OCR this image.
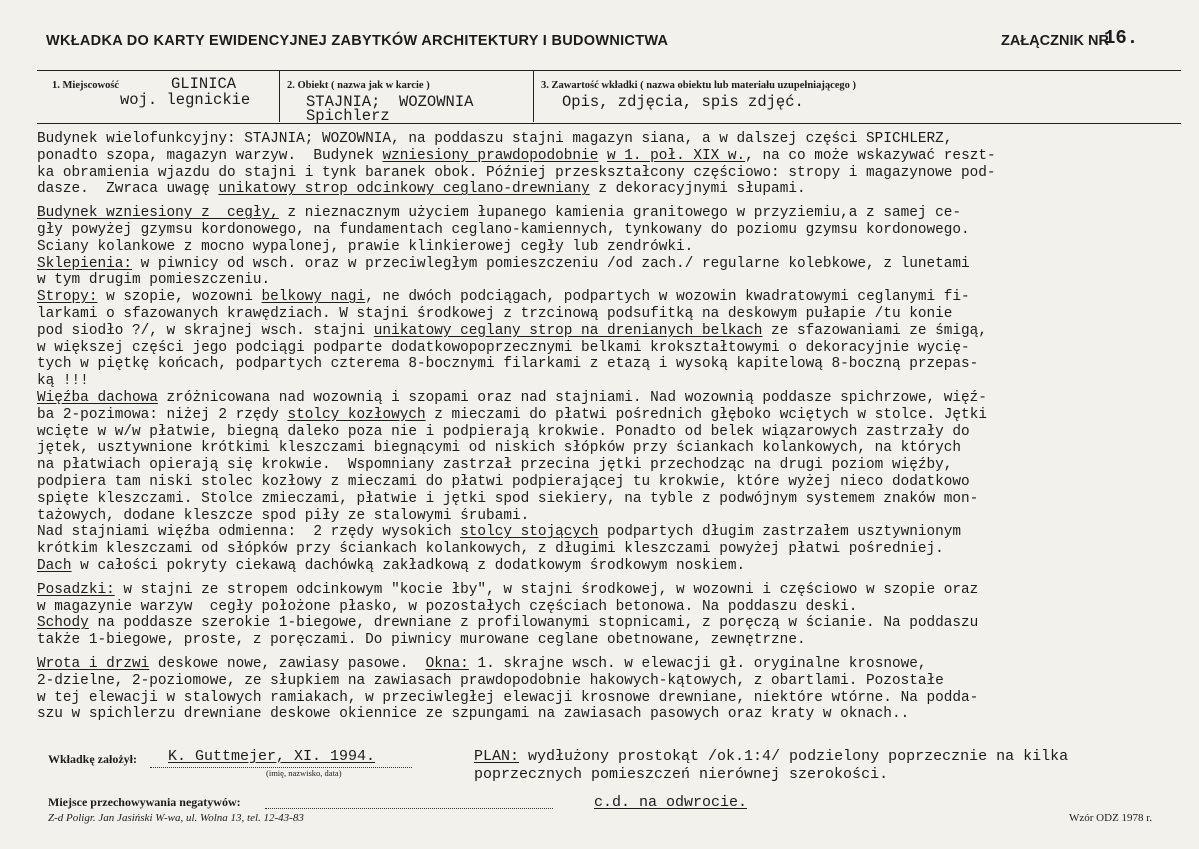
WKŁADKA DO KARTY EWIDENCYJNEJ ZABYTKÓW ARCHITEKTURY I BUDOWNICTWA	ZAŁĄCZNIK NR
16.
1. Miejscowość	GLINICA
woj. legnickie
2. Obiekt ( nazwa jak w karcie )
STAJNIA;  WOZOWNIA
Spichlerz
3. Zawartość wkładki ( nazwa obiektu lub materiału uzupełniającego )
Opis, zdjęcia, spis zdjęć.
Budynek wielofunkcyjny: STAJNIA; WOZOWNIA, na poddaszu stajni magazyn siana, a w dalszej części SPICHLERZ,
ponadto szopa, magazyn warzyw.  Budynek wzniesiony prawdopodobnie w 1. poł. XIX w., na co może wskazywać reszt-
ka obramienia wjazdu do stajni i tynk baranek obok. Później przeskształcony częściowo: stropy i magazynowe pod-
dasze.  Zwraca uwagę unikatowy strop odcinkowy ceglano-drewniany z dekoracyjnymi słupami.
Budynek wzniesiony z  cegły, z nieznacznym użyciem łupanego kamienia granitowego w przyziemiu,a z samej ce-
gły powyżej gzymsu kordonowego, na fundamentach ceglano-kamiennych, tynkowany do poziomu gzymsu kordonowego.
Ściany kolankowe z mocno wypalonej, prawie klinkierowej cegły lub zendrówki.
Sklepienia: w piwnicy od wsch. oraz w przeciwległym pomieszczeniu /od zach./ regularne kolebkowe, z lunetami
w tym drugim pomieszczeniu.
Stropy: w szopie, wozowni belkowy nagi, ne dwóch podciągach, podpartych w wozowin kwadratowymi ceglanymi fi-
larkami o sfazowanych krawędziach. W stajni środkowej z trzcinową podsufitką na deskowym pułapie /tu konie
pod siodło ?/, w skrajnej wsch. stajni unikatowy ceglany strop na drenianych belkach ze sfazowaniami ze śmigą,
w większej części jego podciągi podparte dodatkowopoprzecznymi belkami krokształtowymi o dekoracyjnie wycię-
tych w piętkę końcach, podpartych czterema 8-bocznymi filarkami z etazą i wysoką kapitelową 8-boczną przepas-
ką !!!
Więźba dachowa zróżnicowana nad wozownią i szopami oraz nad stajniami. Nad wozownią poddasze spichrzowe, więź-
ba 2-pozimowa: niżej 2 rzędy stolcy kozłowych z mieczami do płatwi pośrednich głęboko wciętych w stolce. Jętki
wcięte w w/w płatwie, biegną daleko poza nie i podpierają krokwie. Ponadto od belek wiązarowych zastrzały do
jętek, usztywnione krótkimi kleszczami biegnącymi od niskich słópków przy ściankach kolankowych, na których
na płatwiach opierają się krokwie.  Wspomniany zastrzał przecina jętki przechodząc na drugi poziom więźby,
podpiera tam niski stolec kozłowy z mieczami do płatwi podpierającej tu krokwie, które wyżej nieco dodatkowo
spięte kleszczami. Stolce zmieczami, płatwie i jętki spod siekiery, na tyble z podwójnym systemem znaków mon-
tażowych, dodane kleszcze spod piły ze stalowymi śrubami.
Nad stajniami więźba odmienna:  2 rzędy wysokich stolcy stojących podpartych długim zastrzałem usztywnionym
krótkim kleszczami od słópków przy ściankach kolankowych, z długimi kleszczami powyżej płatwi pośredniej.
Dach w całości pokryty ciekawą dachówką zakładkową z dodatkowym środkowym noskiem.
Posadzki: w stajni ze stropem odcinkowym "kocie łby", w stajni środkowej, w wozowni i częściowo w szopie oraz
w magazynie warzyw  cegły położone płasko, w pozostałych częściach betonowa. Na poddaszu deski.
Schody na poddasze szerokie 1-biegowe, drewniane z profilowanymi stopnicami, z poręczą w ścianie. Na poddaszu
także 1-biegowe, proste, z poręczami. Do piwnicy murowane ceglane obetnowane, zewnętrzne.
Wrota i drzwi deskowe nowe, zawiasy pasowe.  Okna: 1. skrajne wsch. w elewacji gł. oryginalne krosnowe,
2-dzielne, 2-poziomowe, ze słupkiem na zawiasach prawdopodobnie hakowych-kątowych, z obartlami. Pozostałe
w tej elewacji w stalowych ramiakach, w przeciwległej elewacji krosnowe drewniane, niektóre wtórne. Na poddа-
szu w spichlerzu drewniane deskowe okiennice ze szpungami na zawiasach pasowych oraz kraty w oknach..
Wkładkę założył: K. Guttmejer, XI. 1994.
(imię, nazwisko, data)
PLAN: wydłużony prostokąt /ok.1:4/ podzielony poprzecznie na kilka
poprzecznych pomieszczeń nierównej szerokości.
Miejsce przechowywania negatywów:	c.d. na odwrocie.
Z-d Poligr. Jan Jasiński W-wa, ul. Wolna 13, tel. 12-43-83	Wzór ODZ 1978 r.
